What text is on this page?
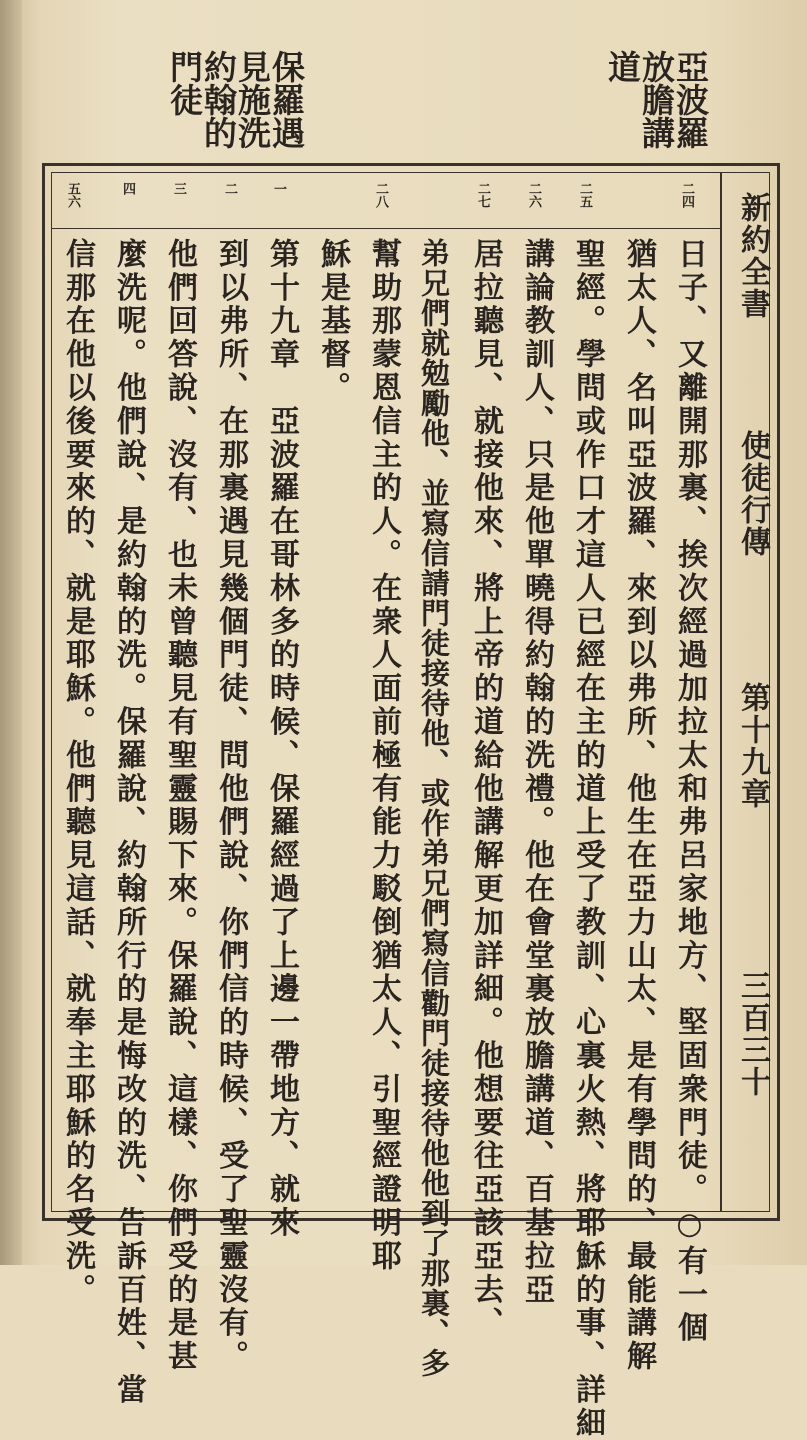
保羅遇
見施洗
約翰的
門徒	亞波羅
放膽講
道
新約全書
使徒行傳
第十九章
三百三十
二四
二五
二六
二七
二八
一
二
三
四
五六
日子、又離開那裏、挨次經過加拉太和弗呂家地方、堅固衆門徒。○有一個
猶太人、名叫亞波羅、來到以弗所、他生在亞力山太、是有學問的、最能講解
聖經。學問或作口才這人已經在主的道上受了教訓、心裏火熱、將耶穌的事、詳細
講論教訓人、只是他單曉得約翰的洗禮。他在會堂裏放膽講道、百基拉亞
居拉聽見、就接他來、將上帝的道給他講解更加詳細。他想要往亞該亞去、
弟兄們就勉勵他、並寫信請門徒接待他、或作弟兄們寫信勸門徒接待他他到了那裏、多
幫助那蒙恩信主的人。在衆人面前極有能力駁倒猶太人、引聖經證明耶
穌是基督。
第十九章　亞波羅在哥林多的時候、保羅經過了上邊一帶地方、就來
到以弗所、在那裏遇見幾個門徒、問他們說、你們信的時候、受了聖靈沒有。
他們回答說、沒有、也未曾聽見有聖靈賜下來。保羅說、這樣、你們受的是甚
麼洗呢。他們說、是約翰的洗。保羅說、約翰所行的是悔改的洗、告訴百姓、當
信那在他以後要來的、就是耶穌。他們聽見這話、就奉主耶穌的名受洗。
